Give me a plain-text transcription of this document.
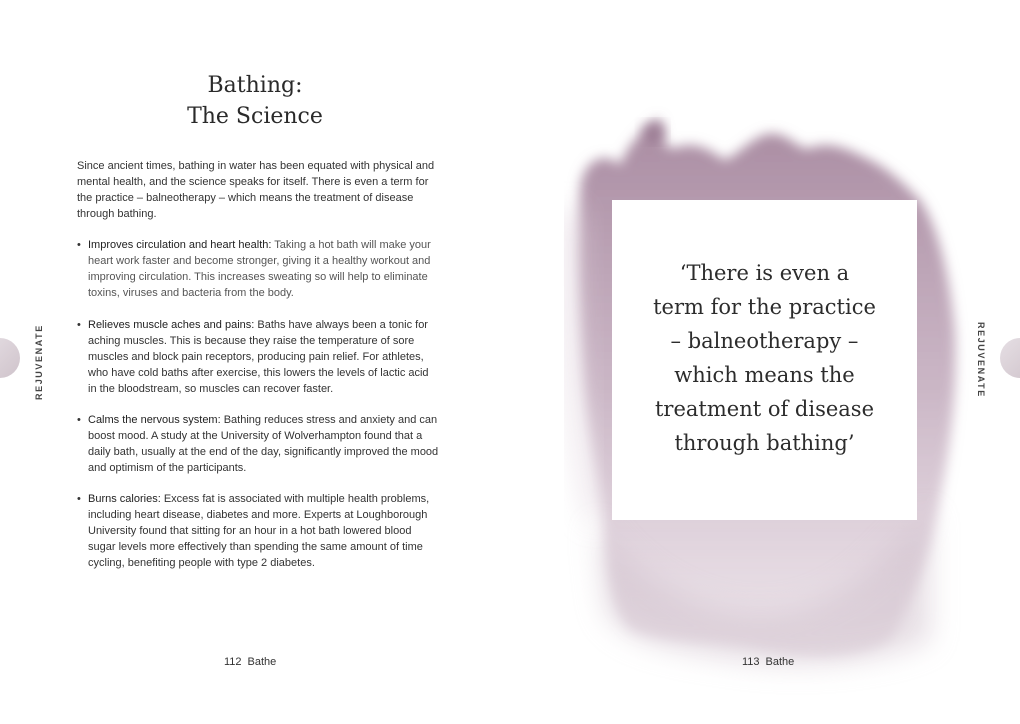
Bathing:
The Science

Since ancient times, bathing in water has been equated with physical and mental health, and the science speaks for itself. There is even a term for the practice – balneotherapy – which means the treatment of disease through bathing.

• Improves circulation and heart health: Taking a hot bath will make your heart work faster and become stronger, giving it a healthy workout and improving circulation. This increases sweating so will help to eliminate toxins, viruses and bacteria from the body.
• Relieves muscle aches and pains: Baths have always been a tonic for aching muscles. This is because they raise the temperature of sore muscles and block pain receptors, producing pain relief. For athletes, who have cold baths after exercise, this lowers the levels of lactic acid in the bloodstream, so muscles can recover faster.
• Calms the nervous system: Bathing reduces stress and anxiety and can boost mood. A study at the University of Wolverhampton found that a daily bath, usually at the end of the day, significantly improved the mood and optimism of the participants.
• Burns calories: Excess fat is associated with multiple health problems, including heart disease, diabetes and more. Experts at Loughborough University found that sitting for an hour in a hot bath lowered blood sugar levels more effectively than spending the same amount of time cycling, benefiting people with type 2 diabetes.
112 Bathe
REJUVENATE
‘There is even a
term for the practice
– balneotherapy –
which means the
treatment of disease
through bathing’
113 Bathe
REJUVENATE
